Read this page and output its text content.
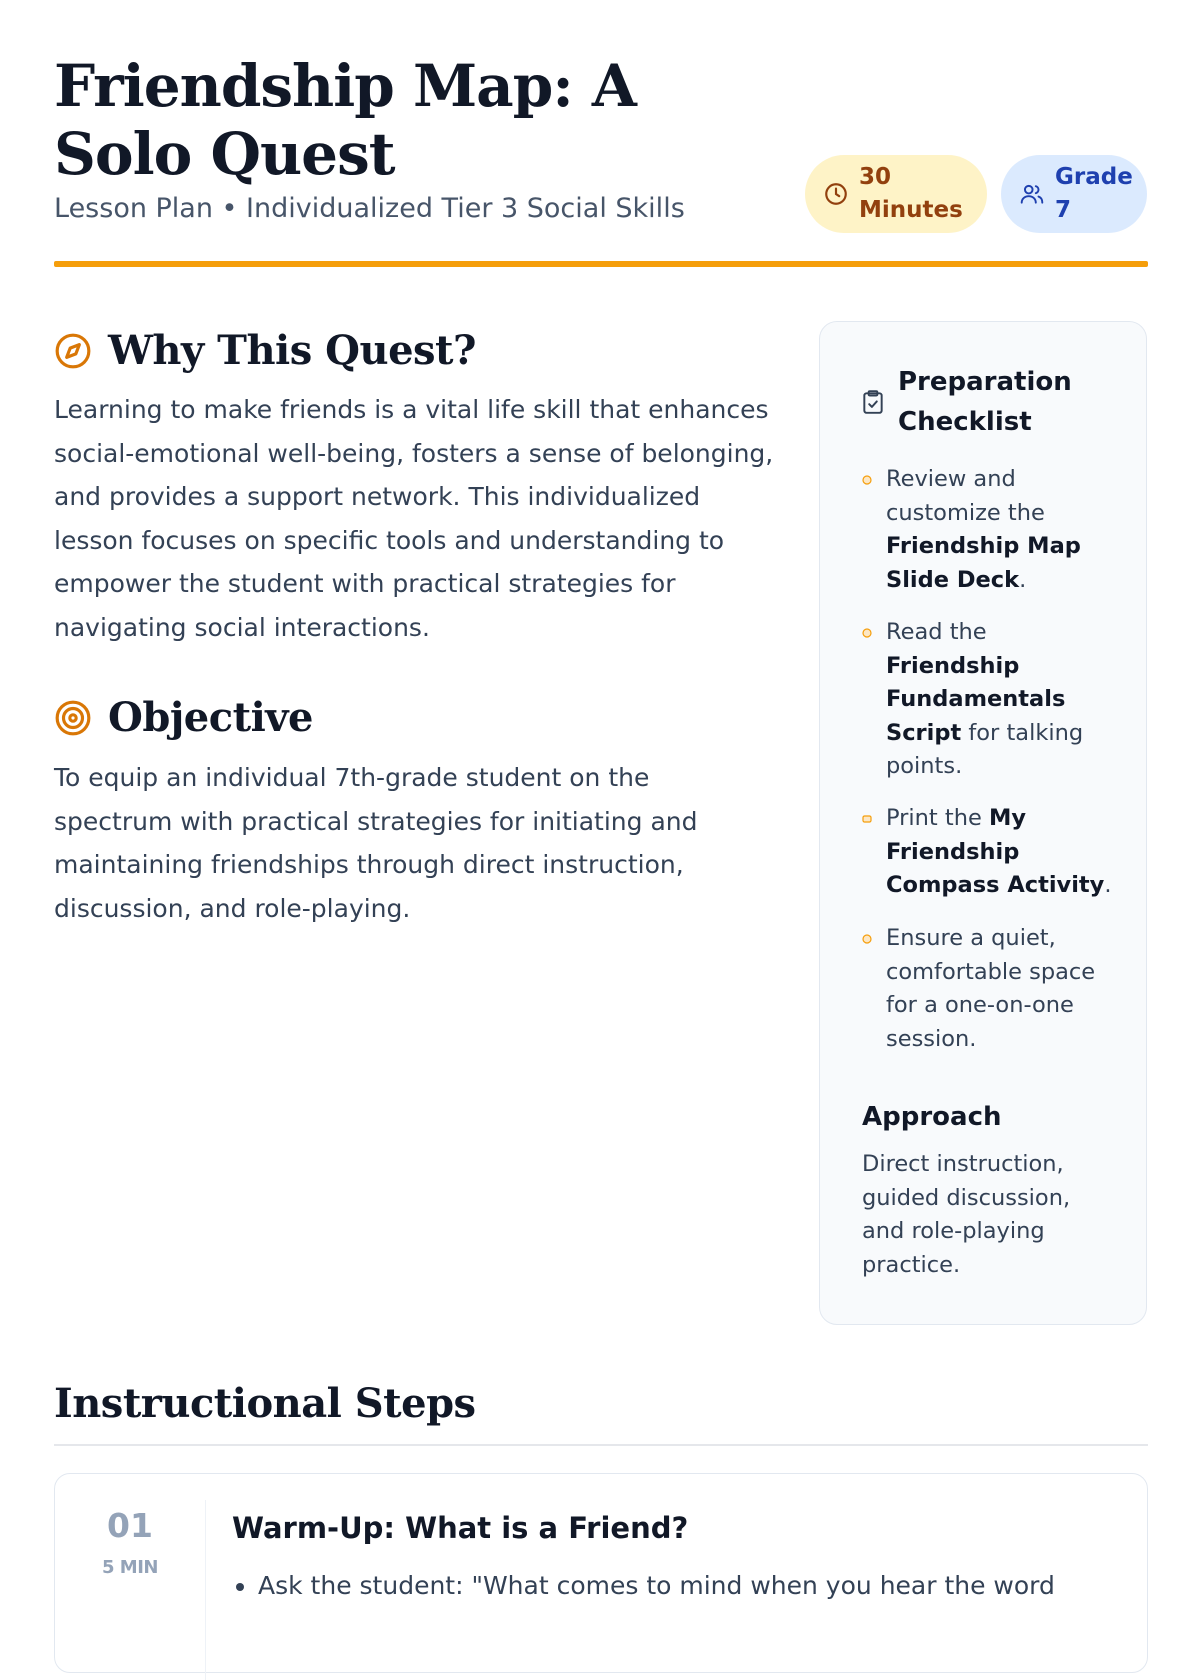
Friendship Map: A Solo Quest

Lesson Plan • Individualized Tier 3 Social Skills

30 Minutes
Grade 7
Why This Quest?

Learning to make friends is a vital life skill that enhances social-emotional well-being, fosters a sense of belonging, and provides a support network. This individualized lesson focuses on specific tools and understanding to empower the student with practical strategies for navigating social interactions.

Objective

To equip an individual 7th-grade student on the spectrum with practical strategies for initiating and maintaining friendships through direct instruction, discussion, and role-playing.

Preparation Checklist
Review and customize the Friendship Map Slide Deck.
Read the Friendship Fundamentals Script for talking points.
Print the My Friendship Compass Activity.
Ensure a quiet, comfortable space for a one-on-one session.
Approach

Direct instruction, guided discussion, and role-playing practice.

Instructional Steps
01
5 MIN
Warm-Up: What is a Friend?
• Ask the student: "What comes to mind when you hear the word
